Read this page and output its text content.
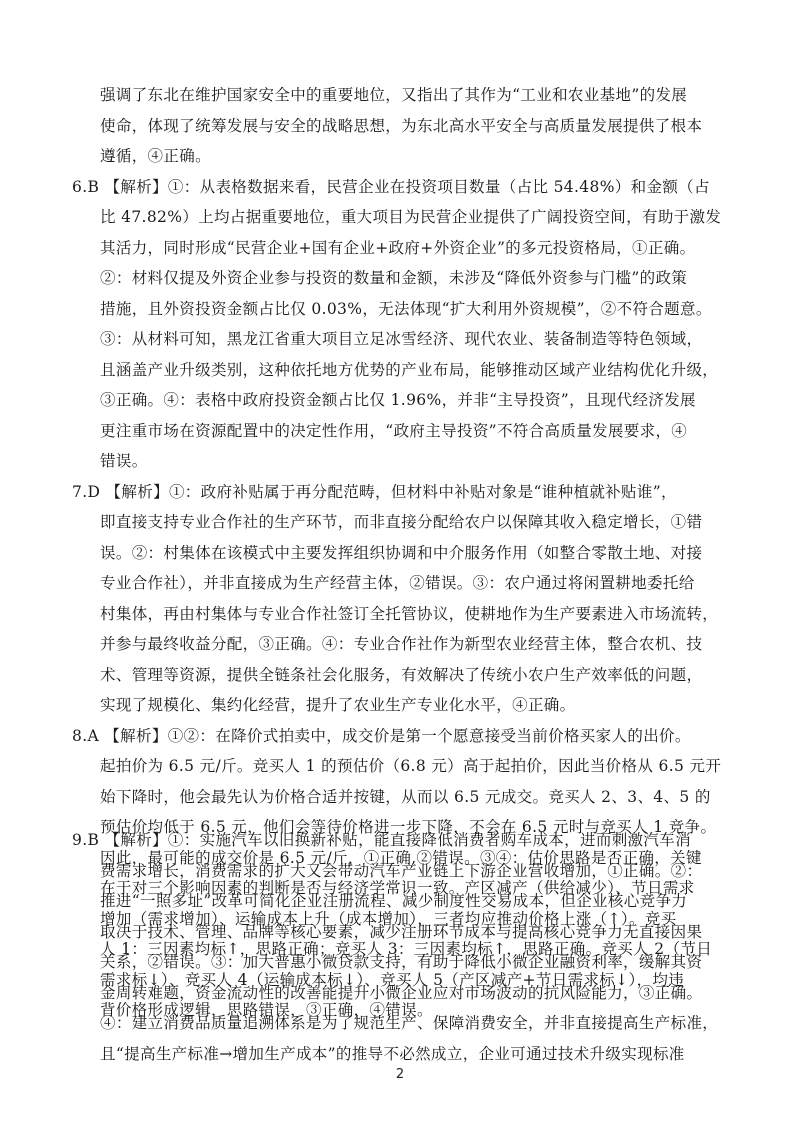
强调了东北在维护国家安全中的重要地位，又指出了其作为“工业和农业基地”的发展
使命，体现了统筹发展与安全的战略思想，为东北高水平安全与高质量发展提供了根本
遵循，④正确。
6.B 【解析】①：从表格数据来看，民营企业在投资项目数量（占比 54.48%）和金额（占
比 47.82%）上均占据重要地位，重大项目为民营企业提供了广阔投资空间，有助于激发
其活力，同时形成“民营企业+国有企业+政府+外资企业”的多元投资格局，①正确。
②：材料仅提及外资企业参与投资的数量和金额，未涉及“降低外资参与门槛”的政策
措施，且外资投资金额占比仅 0.03%，无法体现“扩大利用外资规模”，②不符合题意。
③：从材料可知，黑龙江省重大项目立足冰雪经济、现代农业、装备制造等特色领域，
且涵盖产业升级类别，这种依托地方优势的产业布局，能够推动区域产业结构优化升级，
③正确。④：表格中政府投资金额占比仅 1.96%，并非“主导投资”，且现代经济发展
更注重市场在资源配置中的决定性作用，“政府主导投资”不符合高质量发展要求，④
错误。
7.D 【解析】①：政府补贴属于再分配范畴，但材料中补贴对象是“谁种植就补贴谁”，
即直接支持专业合作社的生产环节，而非直接分配给农户以保障其收入稳定增长，①错
误。②：村集体在该模式中主要发挥组织协调和中介服务作用（如整合零散土地、对接
专业合作社），并非直接成为生产经营主体，②错误。③：农户通过将闲置耕地委托给
村集体，再由村集体与专业合作社签订全托管协议，使耕地作为生产要素进入市场流转，
并参与最终收益分配，③正确。④：专业合作社作为新型农业经营主体，整合农机、技
术、管理等资源，提供全链条社会化服务，有效解决了传统小农户生产效率低的问题，
实现了规模化、集约化经营，提升了农业生产专业化水平，④正确。
8.A 【解析】①②：在降价式拍卖中，成交价是第一个愿意接受当前价格买家人的出价。
起拍价为 6.5 元/斤。竞买人 1 的预估价（6.8 元）高于起拍价，因此当价格从 6.5 元开
始下降时，他会最先认为价格合适并按键，从而以 6.5 元成交。竞买人 2、3、4、5 的
预估价均低于 6.5 元，他们会等待价格进一步下降，不会在 6.5 元时与竞买人 1 竞争。
因此，最可能的成交价是 6.5 元/斤，①正确,②错误。③④：估价思路是否正确，关键
在于对三个影响因素的判断是否与经济学常识一致。产区减产（供给减少）、节日需求
增加（需求增加）、运输成本上升（成本增加），三者均应推动价格上涨（↑）。竞买
人 1：三因素均标↑，思路正确；竞买人 3：三因素均标↑，思路正确。竞买人 2（节日
需求标↓）、竞买人 4（运输成本标↓）、竞买人 5（产区减产+节日需求标↓），均违
背价格形成逻辑，思路错误，③正确，④错误。
9.B 【解析】①：实施汽车以旧换新补贴，能直接降低消费者购车成本，进而刺激汽车消
费需求增长，消费需求的扩大又会带动汽车产业链上下游企业营收增加，①正确。②：
推进“一照多址”改革可简化企业注册流程、减少制度性交易成本，但企业核心竞争力
取决于技术、管理、品牌等核心要素，减少注册环节成本与提高核心竞争力无直接因果
关系，②错误。③：加大普惠小微贷款支持，有助于降低小微企业融资利率，缓解其资
金周转难题，资金流动性的改善能提升小微企业应对市场波动的抗风险能力，③正确。
④：建立消费品质量追溯体系是为了规范生产、保障消费安全，并非直接提高生产标准，
且“提高生产标准→增加生产成本”的推导不必然成立，企业可通过技术升级实现标准
2
